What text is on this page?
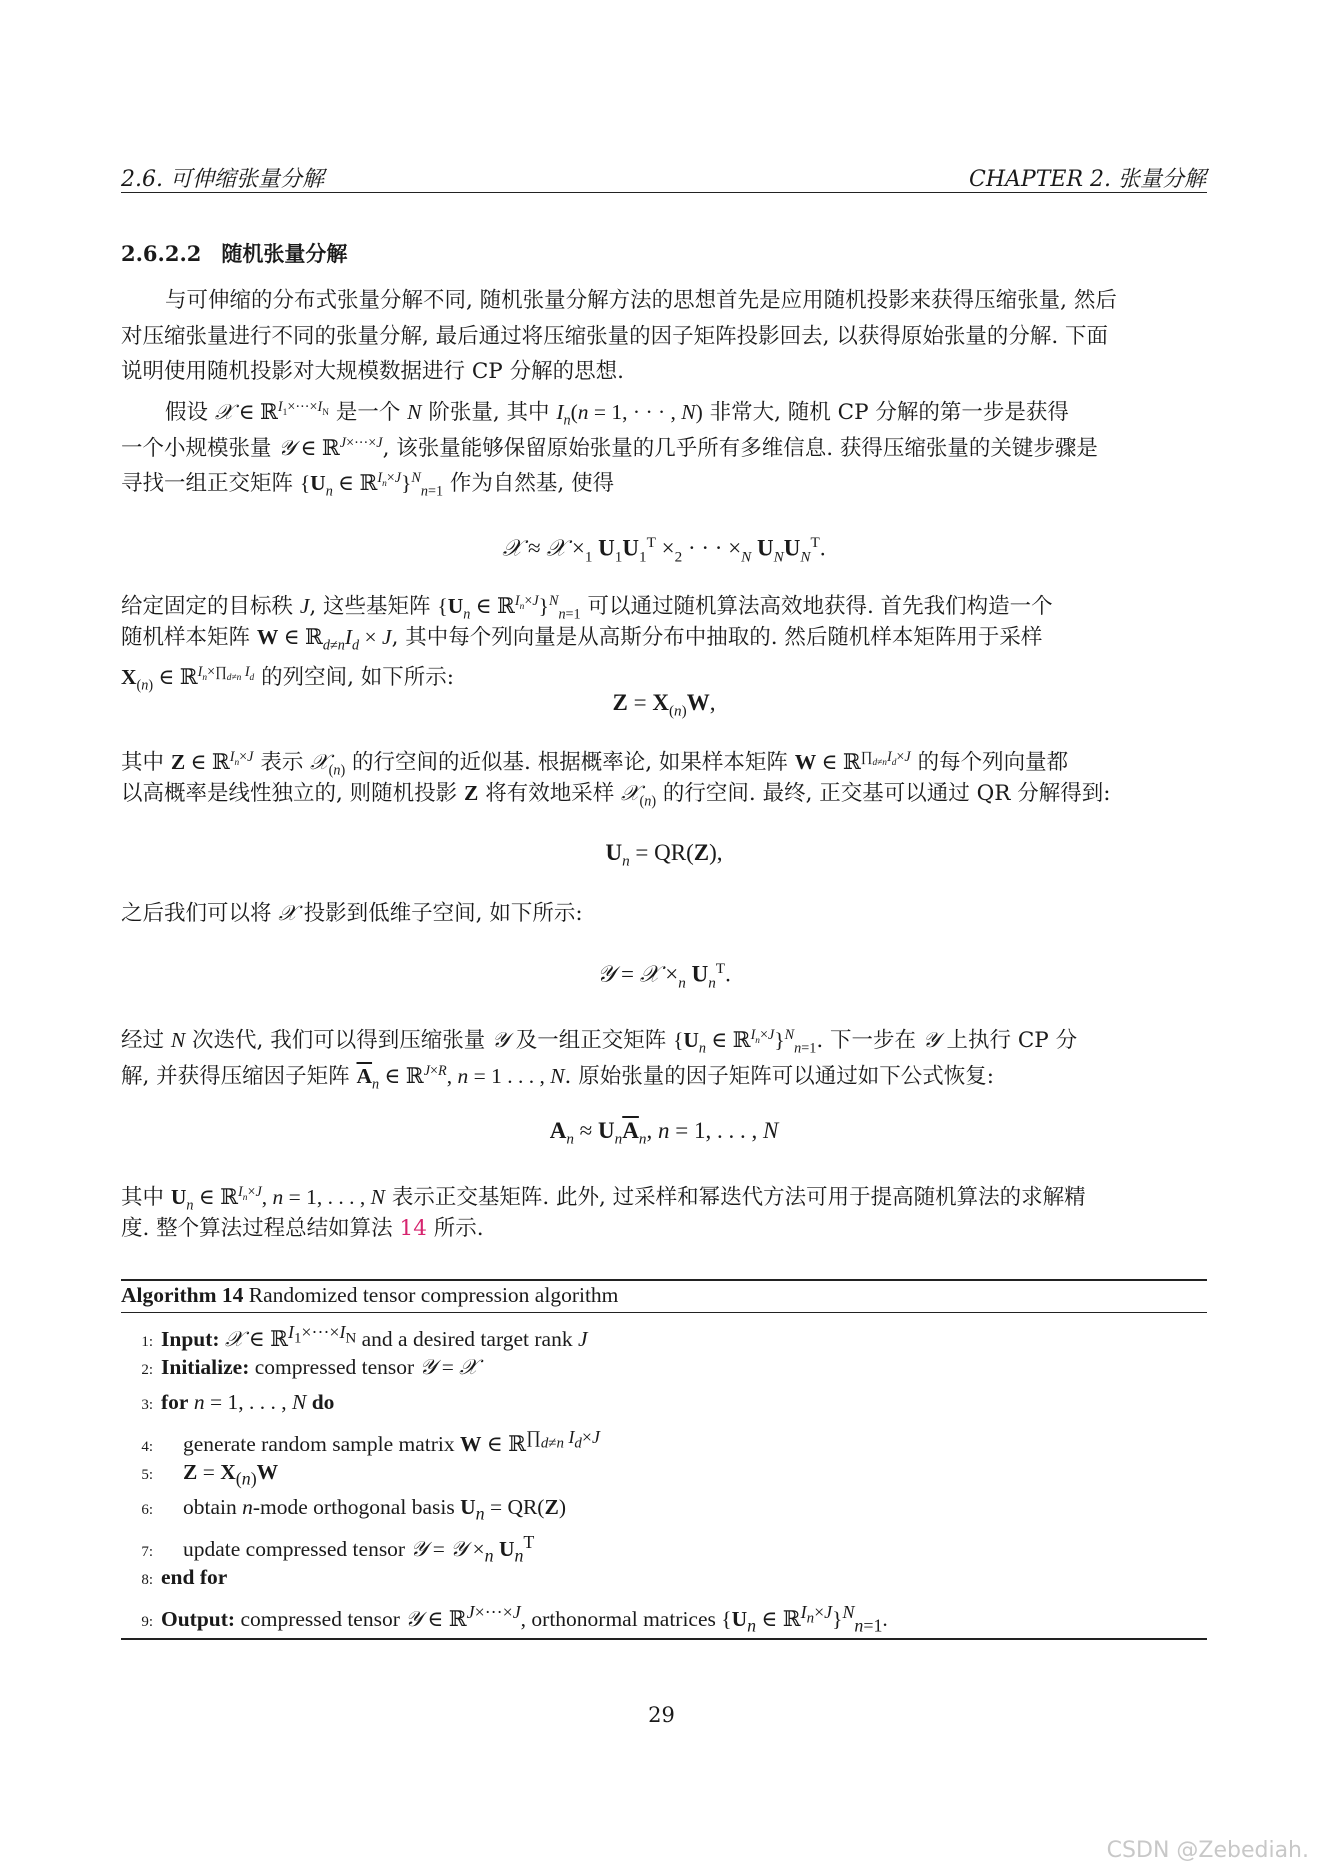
2.6. 可伸缩张量分解	CHAPTER 2. 张量分解
2.6.2.2 随机张量分解
与可伸缩的分布式张量分解不同, 随机张量分解方法的思想首先是应用随机投影来获得压缩张量, 然后
对压缩张量进行不同的张量分解, 最后通过将压缩张量的因子矩阵投影回去, 以获得原始张量的分解. 下面
说明使用随机投影对大规模数据进行 CP 分解的思想.
假设 𝒳 ∈ ℝ$^{I_1\times\cdot\cdot\cdot\times I_N}$ 是一个 N 阶张量, 其中 $I_n(n = 1$, · · · , N) 非常大, 随机 CP 分解的第一步是获得
一个小规模张量 𝒴 ∈ ℝ$^{J\times\cdot\cdot\cdot\times J}$, 该张量能够保留原始张量的几乎所有多维信息. 获得压缩张量的关键步骤是
寻找一组正交矩阵 {$U_n$ ∈ ℝ$^{I_n\times J}$}$^N_{n=1}$ 作为自然基, 使得
𝒳 ≈ 𝒳 $\times_1$ $U_1U_1^T \times_2$ · · · $\times_N$ $U_NU_N^T$.
给定固定的目标秩 J, 这些基矩阵 {$U_n$ ∈ ℝ$^{I_n\times J}$}$^N_{n=1}$ 可以通过随机算法高效地获得. 首先我们构造一个
随机样本矩阵 W ∈ $ℝ_{d\ne n}I_d \times J$, 其中每个列向量是从高斯分布中抽取的. 然后随机样本矩阵用于采样
$X_{(n)}$ ∈ ℝ$^{I_n\times\prod_{d\ne n} I_d}$ 的列空间, 如下所示:
$Z = X_{(n)}W$,
其中 Z ∈ ℝ$^{I_n\times J}$ 表示 𝒳$_{(n)}$ 的行空间的近似基. 根据概率论, 如果样本矩阵 W ∈ ℝ$^{\prod_{d\ne n}I_d\times J}$ 的每个列向量都
以高概率是线性独立的, 则随机投影 Z 将有效地采样 𝒳$_{(n)}$ 的行空间. 最终, 正交基可以通过 QR 分解得到:
$U_n = QR(Z)$,
之后我们可以将 𝒳 投影到低维子空间, 如下所示:
𝒴 = 𝒳 $\times_n$ $U_n^T$.
经过 N 次迭代, 我们可以得到压缩张量 𝒴 及一组正交矩阵 {$U_n$ ∈ ℝ$^{I_n\times J}$}$^N_{n=1}$. 下一步在 𝒴 上执行 CP 分
解, 并获得压缩因子矩阵 $\overline{A}_n$ ∈ ℝ$^{J\times R}$, n = 1 . . . , N. 原始张量的因子矩阵可以通过如下公式恢复:
$A_n \approx U_n\overline{A}_n$, n = 1, . . . , N
其中 $U_n$ ∈ ℝ$^{I_n\times J}$, n = 1, . . . , N 表示正交基矩阵. 此外, 过采样和幂迭代方法可用于提高随机算法的求解精
度. 整个算法过程总结如算法 14 所示.
Algorithm 14 Randomized tensor compression algorithm
1: Input: 𝒳 ∈ ℝ$^{I_1\times\cdot\cdot\cdot\times I_N}$ and a desired target rank J
2: Initialize: compressed tensor 𝒴 = 𝒳
3: for n = 1, . . . , N do
4: generate random sample matrix W ∈ ℝ$^{\prod_{d\ne n} I_d\times J}$
5: $Z = X_{(n)}W$
6: obtain n-mode orthogonal basis $U_n = QR(Z)$
7: update compressed tensor 𝒴 = 𝒴 $\times_n$ $U_n^T$
8: end for
9: Output: compressed tensor 𝒴 ∈ ℝ$^{J\times\cdot\cdot\cdot\times J}$, orthonormal matrices {$U_n$ ∈ ℝ$^{I_n\times J}$}$^N_{n=1}$.
29
CSDN @Zebediah.
